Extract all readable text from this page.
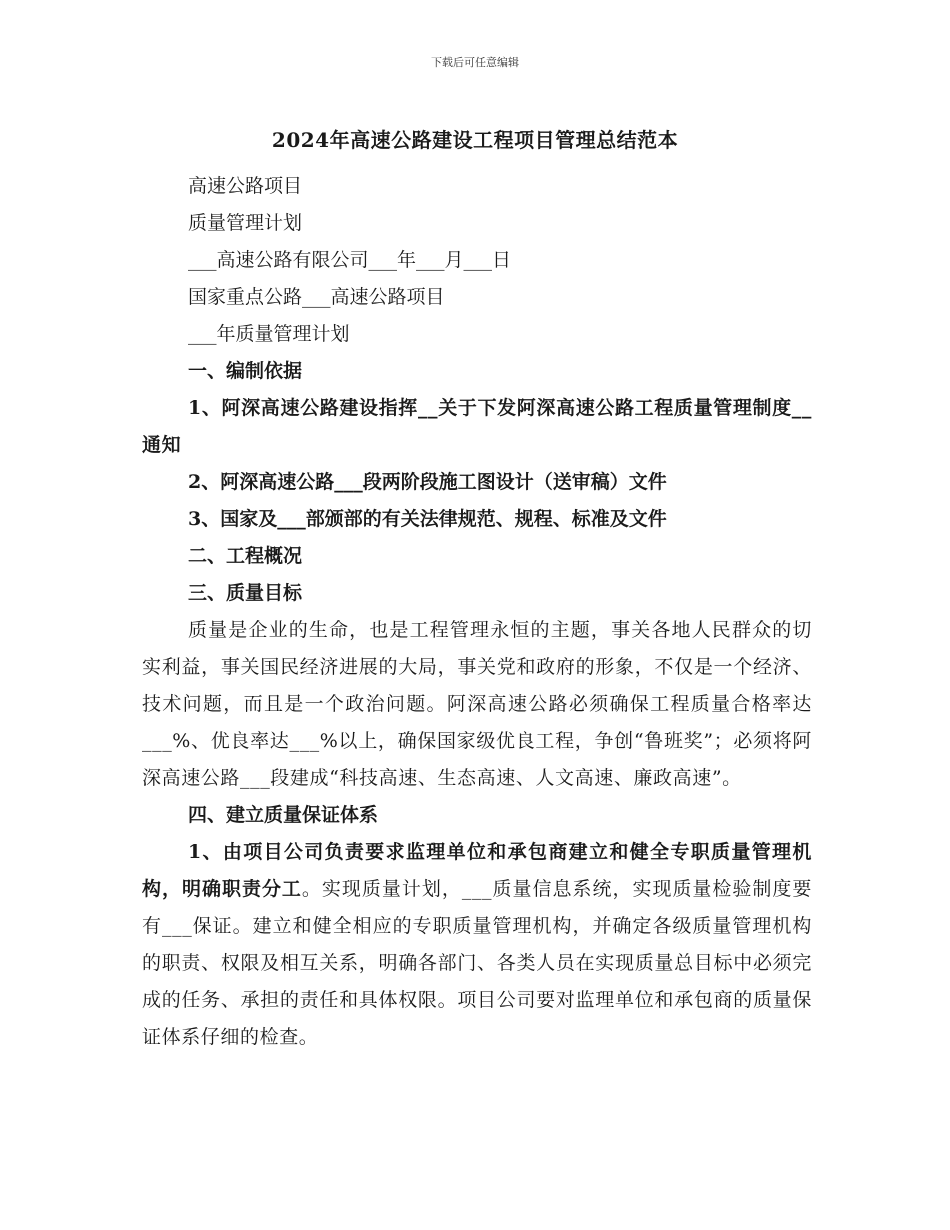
下载后可任意编辑
2024年高速公路建设工程项目管理总结范本
高速公路项目
质量管理计划
___高速公路有限公司___年___月___日
国家重点公路___高速公路项目
___年质量管理计划
一、编制依据
1、阿深高速公路建设指挥__关于下发阿深高速公路工程质量管理制度__通知
2、阿深高速公路___段两阶段施工图设计（送审稿）文件
3、国家及___部颁部的有关法律规范、规程、标准及文件
二、工程概况
三、质量目标
质量是企业的生命，也是工程管理永恒的主题，事关各地人民群众的切实利益，事关国民经济进展的大局，事关党和政府的形象，不仅是一个经济、技术问题，而且是一个政治问题。阿深高速公路必须确保工程质量合格率达___%、优良率达___%以上，确保国家级优良工程，争创“鲁班奖”；必须将阿深高速公路___段建成“科技高速、生态高速、人文高速、廉政高速”。
四、建立质量保证体系
1、由项目公司负责要求监理单位和承包商建立和健全专职质量管理机构，明确职责分工。实现质量计划，___质量信息系统，实现质量检验制度要有___保证。建立和健全相应的专职质量管理机构，并确定各级质量管理机构的职责、权限及相互关系，明确各部门、各类人员在实现质量总目标中必须完成的任务、承担的责任和具体权限。项目公司要对监理单位和承包商的质量保证体系仔细的检查。
